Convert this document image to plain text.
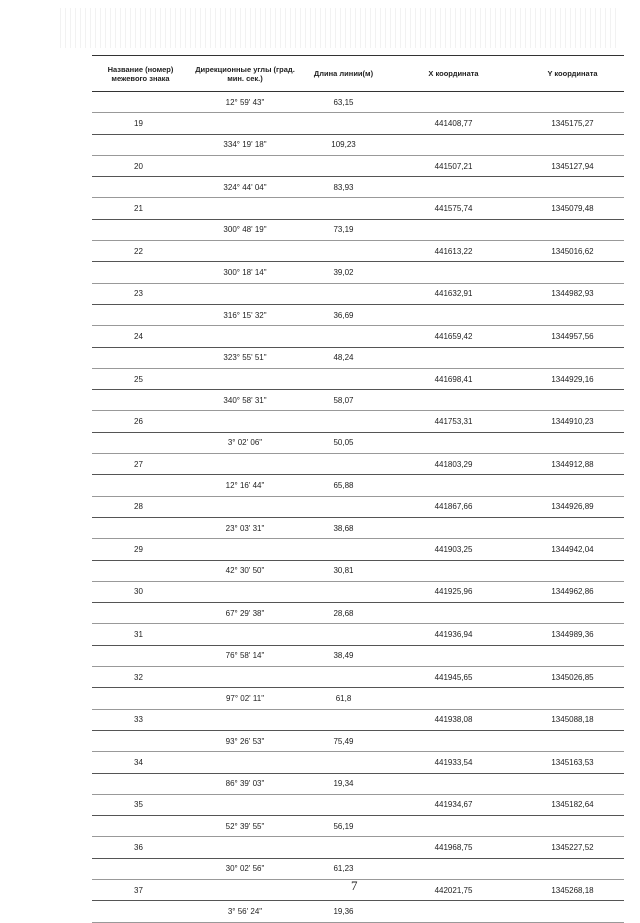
Название (номер) межевого знака	Дирекционные углы (град. мин. сек.)	Длина линии(м)	X координата	Y координата
	12° 59' 43"	63,15		
19			441408,77	1345175,27
	334° 19' 18"	109,23		
20			441507,21	1345127,94
	324° 44' 04"	83,93		
21			441575,74	1345079,48
	300° 48' 19"	73,19		
22			441613,22	1345016,62
	300° 18' 14"	39,02		
23			441632,91	1344982,93
	316° 15' 32"	36,69		
24			441659,42	1344957,56
	323° 55' 51"	48,24		
25			441698,41	1344929,16
	340° 58' 31"	58,07		
26			441753,31	1344910,23
	3° 02' 06"	50,05		
27			441803,29	1344912,88
	12° 16' 44"	65,88		
28			441867,66	1344926,89
	23° 03' 31"	38,68		
29			441903,25	1344942,04
	42° 30' 50"	30,81		
30			441925,96	1344962,86
	67° 29' 38"	28,68		
31			441936,94	1344989,36
	76° 58' 14"	38,49		
32			441945,65	1345026,85
	97° 02' 11"	61,8		
33			441938,08	1345088,18
	93° 26' 53"	75,49		
34			441933,54	1345163,53
	86° 39' 03"	19,34		
35			441934,67	1345182,64
	52° 39' 55"	56,19		
36			441968,75	1345227,52
	30° 02' 56"	61,23		
37			442021,75	1345268,18
	3° 56' 24"	19,36		
7
